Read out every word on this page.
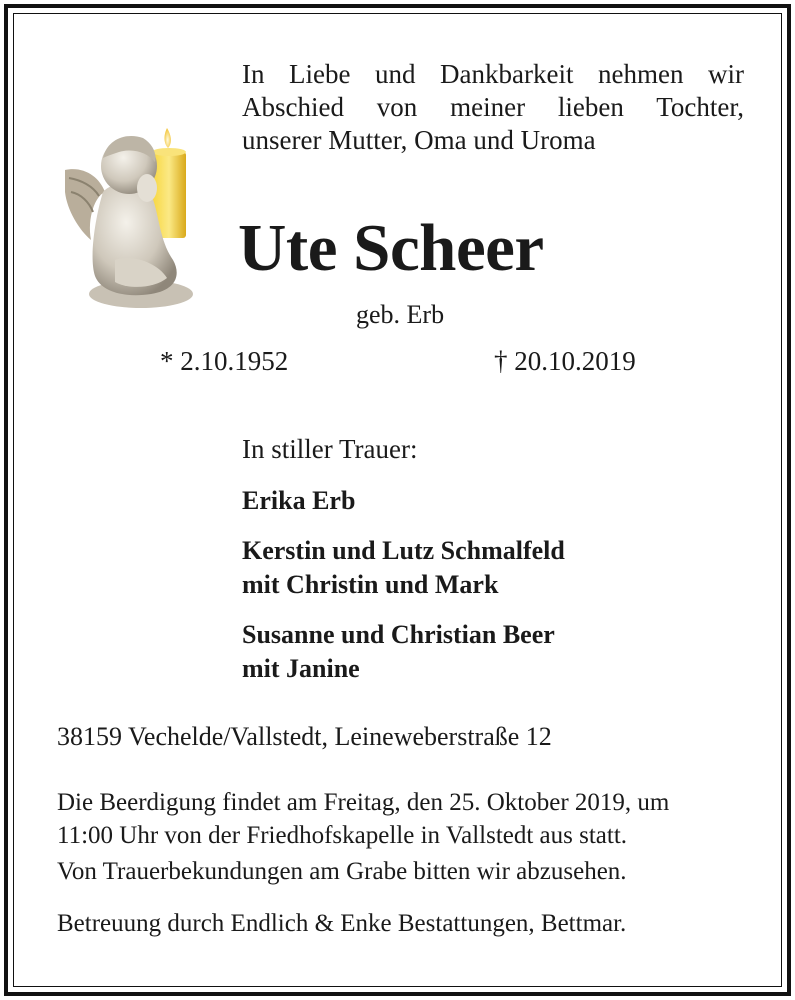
In Liebe und Dankbarkeit nehmen wir
Abschied von meiner lieben Tochter,
unserer Mutter, Oma und Uroma
Ute Scheer
geb. Erb
* 2.10.1952	† 20.10.2019
In stiller Trauer:
Erika Erb
Kerstin und Lutz Schmalfeld
mit Christin und Mark
Susanne und Christian Beer
mit Janine
38159 Vechelde/Vallstedt, Leineweberstraße 12
Die Beerdigung findet am Freitag, den 25. Oktober 2019, um
11:00 Uhr von der Friedhofskapelle in Vallstedt aus statt.
Von Trauerbekundungen am Grabe bitten wir abzusehen.
Betreuung durch Endlich & Enke Bestattungen, Bettmar.
